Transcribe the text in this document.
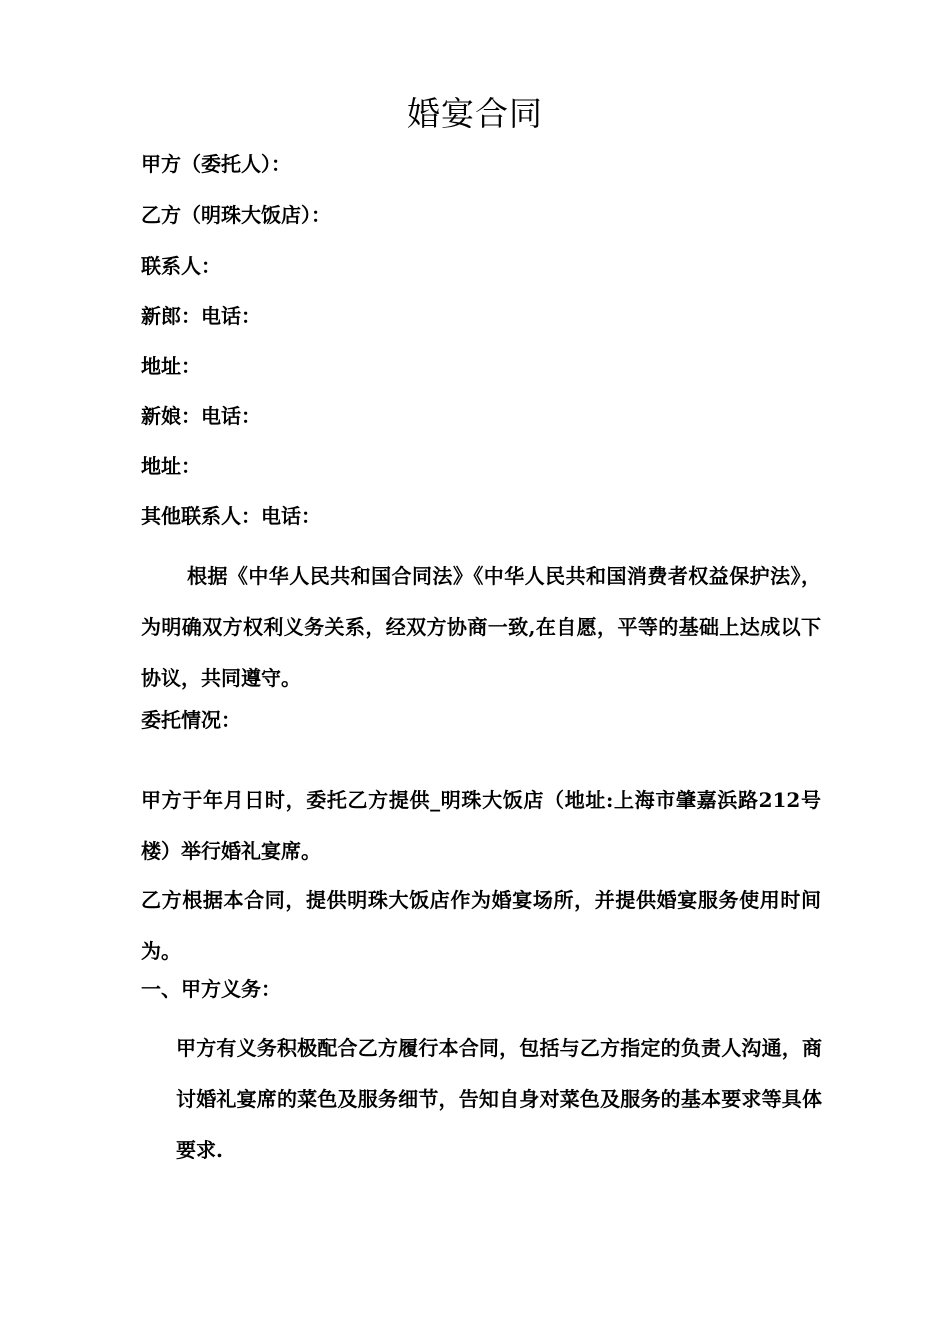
婚宴合同
甲方（委托人）：
乙方（明珠大饭店）：
联系人：
新郎：电话：
地址：
新娘：电话：
地址：
其他联系人：电话：
根据《中华人民共和国合同法》《中华人民共和国消费者权益保护法》，为明确双方权利义务关系，经双方协商一致,在自愿，平等的基础上达成以下协议，共同遵守。
委托情况：
甲方于年月日时，委托乙方提供_明珠大饭店（地址:上海市肇嘉浜路212号楼）举行婚礼宴席。
乙方根据本合同，提供明珠大饭店作为婚宴场所，并提供婚宴服务使用时间为。
一、甲方义务：
甲方有义务积极配合乙方履行本合同，包括与乙方指定的负责人沟通，商讨婚礼宴席的菜色及服务细节，告知自身对菜色及服务的基本要求等具体要求.
